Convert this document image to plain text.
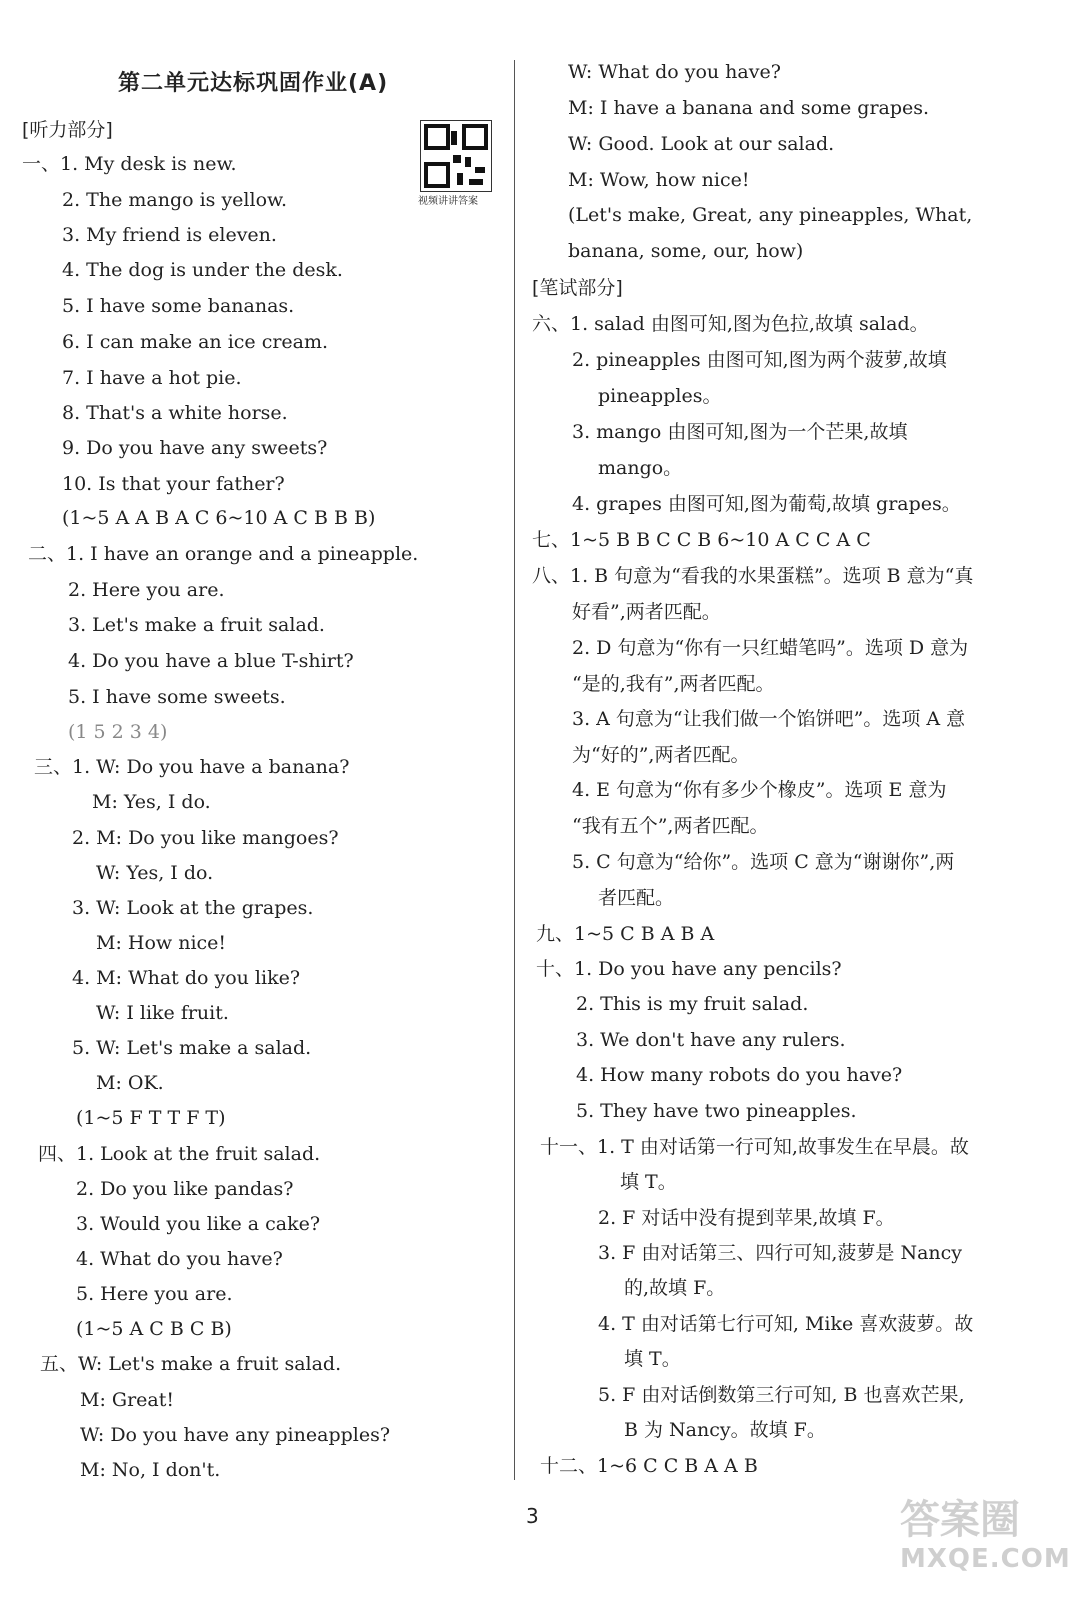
第二单元达标巩固作业(A)
视频讲讲答案
[听力部分]
一、1. My desk is new.
2. The mango is yellow.
3. My friend is eleven.
4. The dog is under the desk.
5. I have some bananas.
6. I can make an ice cream.
7. I have a hot pie.
8. That's a white horse.
9. Do you have any sweets?
10. Is that your father?
(1~5 A A B A C 6~10 A C B B B)
二、1. I have an orange and a pineapple.
2. Here you are.
3. Let's make a fruit salad.
4. Do you have a blue T-shirt?
5. I have some sweets.
(1 5 2 3 4)
三、1. W: Do you have a banana?
M: Yes, I do.
2. M: Do you like mangoes?
W: Yes, I do.
3. W: Look at the grapes.
M: How nice!
4. M: What do you like?
W: I like fruit.
5. W: Let's make a salad.
M: OK.
(1~5 F T T F T)
四、1. Look at the fruit salad.
2. Do you like pandas?
3. Would you like a cake?
4. What do you have?
5. Here you are.
(1~5 A C B C B)
五、W: Let's make a fruit salad.
M: Great!
W: Do you have any pineapples?
M: No, I don't.
W: What do you have?
M: I have a banana and some grapes.
W: Good. Look at our salad.
M: Wow, how nice!
(Let's make, Great, any pineapples, What,
banana, some, our, how)
[笔试部分]
六、1. salad 由图可知,图为色拉,故填 salad。
2. pineapples 由图可知,图为两个菠萝,故填
pineapples。
3. mango 由图可知,图为一个芒果,故填
mango。
4. grapes 由图可知,图为葡萄,故填 grapes。
七、1~5 B B C C B 6~10 A C C A C
八、1. B 句意为“看我的水果蛋糕”。选项 B 意为“真
好看”,两者匹配。
2. D 句意为“你有一只红蜡笔吗”。选项 D 意为
“是的,我有”,两者匹配。
3. A 句意为“让我们做一个馅饼吧”。选项 A 意
为“好的”,两者匹配。
4. E 句意为“你有多少个橡皮”。选项 E 意为
“我有五个”,两者匹配。
5. C 句意为“给你”。选项 C 意为“谢谢你”,两
者匹配。
九、1~5 C B A B A
十、1. Do you have any pencils?
2. This is my fruit salad.
3. We don't have any rulers.
4. How many robots do you have?
5. They have two pineapples.
十一、1. T 由对话第一行可知,故事发生在早晨。故
填 T。
2. F 对话中没有提到苹果,故填 F。
3. F 由对话第三、四行可知,菠萝是 Nancy
的,故填 F。
4. T 由对话第七行可知, Mike 喜欢菠萝。故
填 T。
5. F 由对话倒数第三行可知, B 也喜欢芒果,
B 为 Nancy。故填 F。
十二、1~6 C C B A A B
3	答案圈
MXQE.COM
